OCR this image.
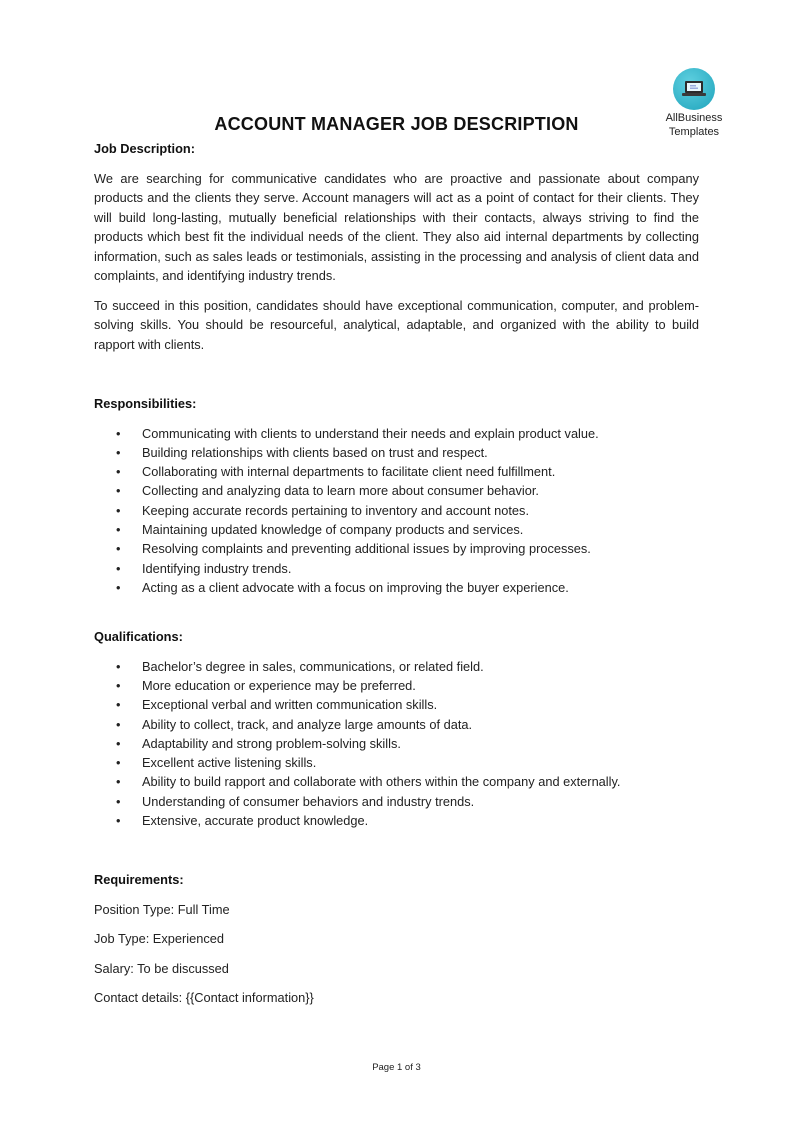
AllBusiness
Templates
ACCOUNT MANAGER JOB DESCRIPTION

Job Description:

We are searching for communicative candidates who are proactive and passionate about company products and the clients they serve. Account managers will act as a point of contact for their clients. They will build long-lasting, mutually beneficial relationships with their contacts, always striving to find the products which best fit the individual needs of the client. They also aid internal departments by collecting information, such as sales leads or testimonials, assisting in the processing and analysis of client data and complaints, and identifying industry trends.

To succeed in this position, candidates should have exceptional communication, computer, and problem-solving skills. You should be resourceful, analytical, adaptable, and organized with the ability to build rapport with clients.

Responsibilities:

• Communicating with clients to understand their needs and explain product value.
• Building relationships with clients based on trust and respect.
• Collaborating with internal departments to facilitate client need fulfillment.
• Collecting and analyzing data to learn more about consumer behavior.
• Keeping accurate records pertaining to inventory and account notes.
• Maintaining updated knowledge of company products and services.
• Resolving complaints and preventing additional issues by improving processes.
• Identifying industry trends.
• Acting as a client advocate with a focus on improving the buyer experience.

Qualifications:

• Bachelor’s degree in sales, communications, or related field.
• More education or experience may be preferred.
• Exceptional verbal and written communication skills.
• Ability to collect, track, and analyze large amounts of data.
• Adaptability and strong problem-solving skills.
• Excellent active listening skills.
• Ability to build rapport and collaborate with others within the company and externally.
• Understanding of consumer behaviors and industry trends.
• Extensive, accurate product knowledge.

Requirements:

Position Type: Full Time

Job Type: Experienced

Salary: To be discussed

Contact details: {{Contact information}}

Page 1 of 3
